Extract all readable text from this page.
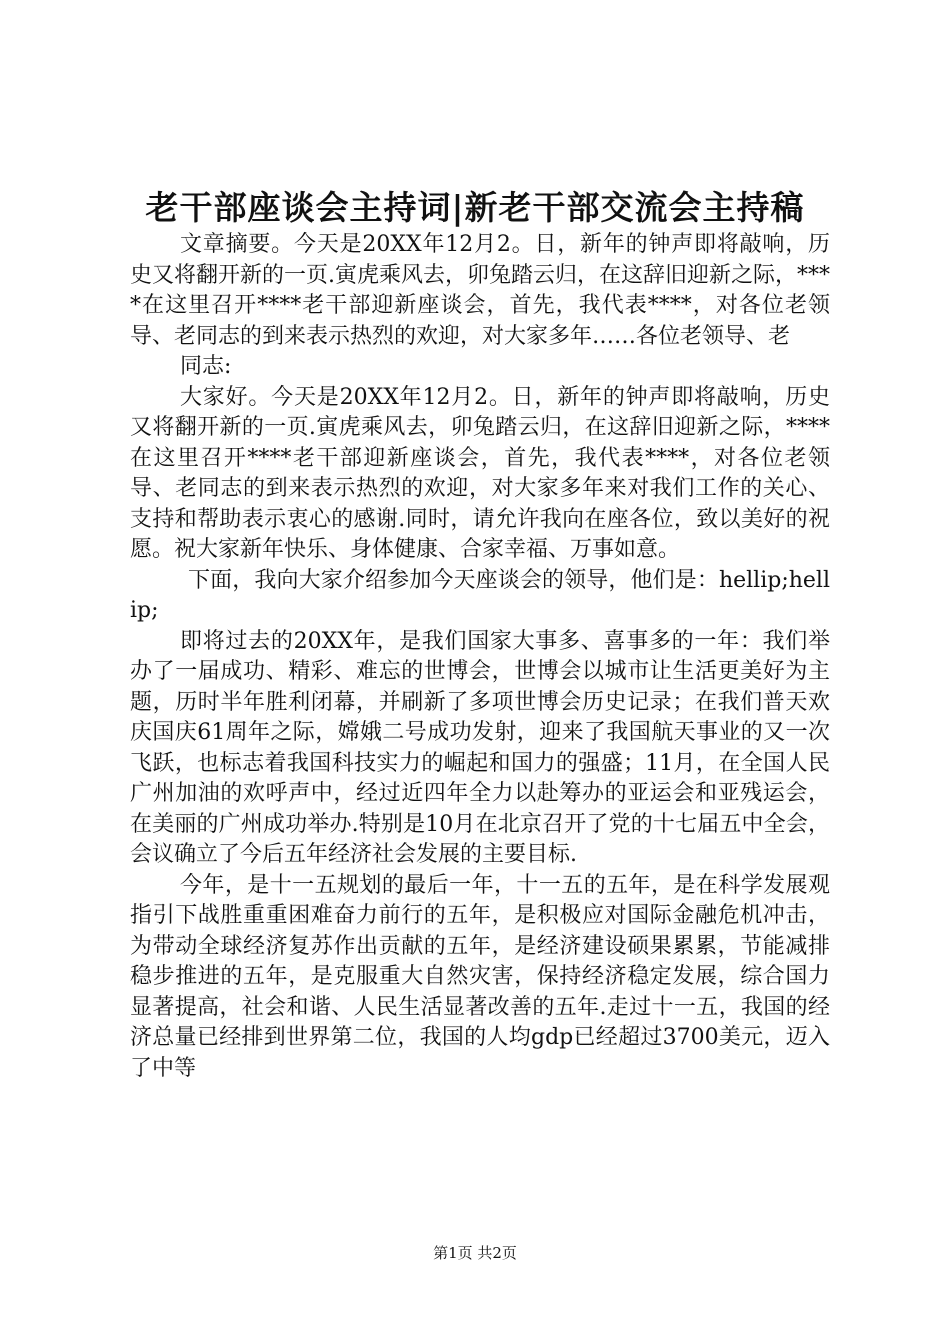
老干部座谈会主持词|新老干部交流会主持稿

文章摘要。今天是20XX年12月2。日，新年的钟声即将敲响，历史又将翻开新的一页.寅虎乘风去，卯兔踏云归，在这辞旧迎新之际，****在这里召开****老干部迎新座谈会，首先，我代表****，对各位老领导、老同志的到来表示热烈的欢迎，对大家多年……各位老领导、老

同志:

大家好。今天是20XX年12月2。日，新年的钟声即将敲响，历史又将翻开新的一页.寅虎乘风去，卯兔踏云归，在这辞旧迎新之际，****在这里召开****老干部迎新座谈会，首先，我代表****，对各位老领导、老同志的到来表示热烈的欢迎，对大家多年来对我们工作的关心、支持和帮助表示衷心的感谢.同时，请允许我向在座各位，致以美好的祝愿。祝大家新年快乐、身体健康、合家幸福、万事如意。

下面，我向大家介绍参加今天座谈会的领导，他们是：hellip;hellip;

即将过去的20XX年，是我们国家大事多、喜事多的一年：我们举办了一届成功、精彩、难忘的世博会，世博会以城市让生活更美好为主题，历时半年胜利闭幕，并刷新了多项世博会历史记录；在我们普天欢庆国庆61周年之际，嫦娥二号成功发射，迎来了我国航天事业的又一次飞跃，也标志着我国科技实力的崛起和国力的强盛；11月，在全国人民广州加油的欢呼声中，经过近四年全力以赴筹办的亚运会和亚残运会，在美丽的广州成功举办.特别是10月在北京召开了党的十七届五中全会，会议确立了今后五年经济社会发展的主要目标.

今年，是十一五规划的最后一年，十一五的五年，是在科学发展观指引下战胜重重困难奋力前行的五年，是积极应对国际金融危机冲击，为带动全球经济复苏作出贡献的五年，是经济建设硕果累累，节能减排稳步推进的五年，是克服重大自然灾害，保持经济稳定发展，综合国力显著提高，社会和谐、人民生活显著改善的五年.走过十一五，我国的经济总量已经排到世界第二位，我国的人均gdp已经超过3700美元，迈入了中等

第1页 共2页
